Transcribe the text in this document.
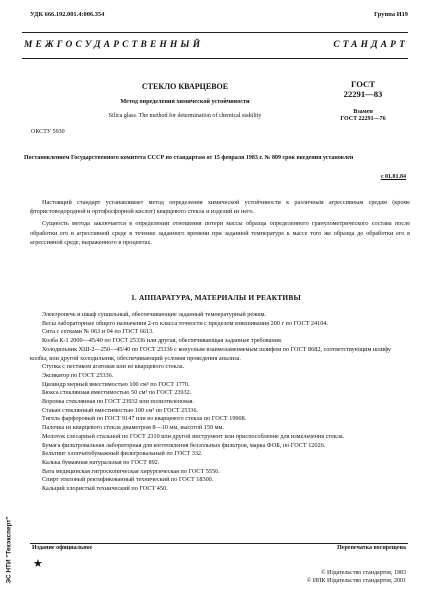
УДК 666.192.001.4:006.354	Группа И19
МЕЖГОСУДАРСТВЕННЫЙ СТАНДАРТ
СТЕКЛО КВАРЦЕВОЕ
Метод определения химической устойчивости
Silica glass. The method for determination of chemical stability
ОКСТУ 5930
ГОСТ
22291—83
Взамен
ГОСТ 22291—76
Постановлением Государственного комитета СССР по стандартам от 15 февраля 1983 г. № 809 срок введения установлен
с 01.01.84

Настоящий стандарт устанавливает метод определения химической устойчивости к различным агрессивным средам (кроме фтористоводородной и ортофосфорной кислот) кварцевого стекла и изделий из него.

Сущность метода заключается в определении отношения потери массы образца определенного гранулометрического состава после обработки его в агрессивной среде в течение заданного времени при заданной температуре к массе того же образца до обработки его в агрессивной среде, выраженного в процентах.

1. АППАРАТУРА, МАТЕРИАЛЫ И РЕАКТИВЫ

Электропечь и шкаф сушильный, обеспечивающие заданный температурный режим.

Весы лабораторные общего назначения 2-го класса точности с пределом взвешивания 200 г по ГОСТ 24104.

Сита с сетками № 063 и 04 по ГОСТ 6613.

Колба К-1 2000—45/40 по ГОСТ 25336 или другая, обеспечивающая заданные требования.

Холодильник ХШ-2—250—45/40 по ГОСТ 25336 с конусным взаимозаменяемым шлифом по ГОСТ 8682, соответствующим шлифу колбы, или другой холодильник, обеспечивающий условия проведения анализа.

Ступка с пестиком агатовая или из кварцевого стекла.

Эксикатор по ГОСТ 25336.

Цилиндр мерный вместимостью 100 см³ по ГОСТ 1770.

Бюкса стеклянная вместимостью 50 см³ по ГОСТ 23932.

Воронка стеклянная по ГОСТ 23932 или полиэтиленовая.

Стакан стеклянный вместимостью 100 см³ по ГОСТ 25336.

Тигель фарфоровый по ГОСТ 9147 или из кварцевого стекла по ГОСТ 19908.

Палочка из кварцевого стекла диаметром 8—10 мм, высотой 150 мм.

Молоток слесарный стальной по ГОСТ 2310 или другой инструмент или приспособление для измельчения стекла.

Бумага фильтровальная лабораторная для изготовления беззольных фильтров, марка ФОБ, по ГОСТ 12026.

Бельтинг хлопчатобумажный фильтровальный по ГОСТ 332.

Калька бумажная натуральная по ГОСТ 892.

Вата медицинская гигроскопическая хирургическая по ГОСТ 5556.

Спирт этиловый ректификованный технический по ГОСТ 18300.

Кальций хлористый технический по ГОСТ 450.

Издание официальное	Перепечатка воспрещена
★
© Издательство стандартов, 1983
© ИПК Издательство стандартов, 2001
ЭС НТИ "Техэксперт"
